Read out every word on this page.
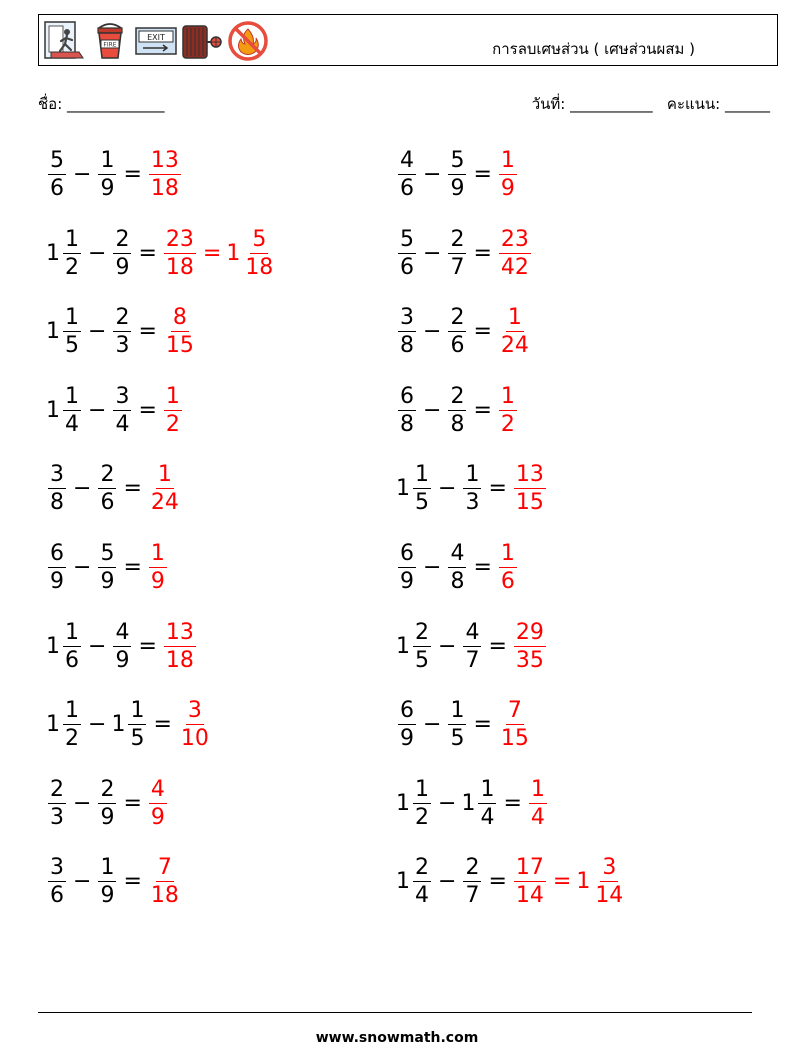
FIRE
EXIT
การลบเศษส่วน ( เศษส่วนผสม )
ชื่อ: _____________	วันที่: ___________ คะแนน: ______
$\frac{5}{6} - \frac{1}{9} = \frac{13}{18}$	$\frac{4}{6} - \frac{5}{9} = \frac{1}{9}$
$1 \frac{1}{2} - \frac{2}{9} = \frac{23}{18} = 1 \frac{5}{18}$	$\frac{5}{6} - \frac{2}{7} = \frac{23}{42}$
$1 \frac{1}{5} - \frac{2}{3} = \frac{8}{15}$	$\frac{3}{8} - \frac{2}{6} = \frac{1}{24}$
$1 \frac{1}{4} - \frac{3}{4} = \frac{1}{2}$	$\frac{6}{8} - \frac{2}{8} = \frac{1}{2}$
$\frac{3}{8} - \frac{2}{6} = \frac{1}{24}$	$1 \frac{1}{5} - \frac{1}{3} = \frac{13}{15}$
$\frac{6}{9} - \frac{5}{9} = \frac{1}{9}$	$\frac{6}{9} - \frac{4}{8} = \frac{1}{6}$
$1 \frac{1}{6} - \frac{4}{9} = \frac{13}{18}$	$1 \frac{2}{5} - \frac{4}{7} = \frac{29}{35}$
$1 \frac{1}{2} - 1 \frac{1}{5} = \frac{3}{10}$	$\frac{6}{9} - \frac{1}{5} = \frac{7}{15}$
$\frac{2}{3} - \frac{2}{9} = \frac{4}{9}$	$1 \frac{1}{2} - 1 \frac{1}{4} = \frac{1}{4}$
$\frac{3}{6} - \frac{1}{9} = \frac{7}{18}$	$1 \frac{2}{4} - \frac{2}{7} = \frac{17}{14} = 1 \frac{3}{14}$
www.snowmath.com
